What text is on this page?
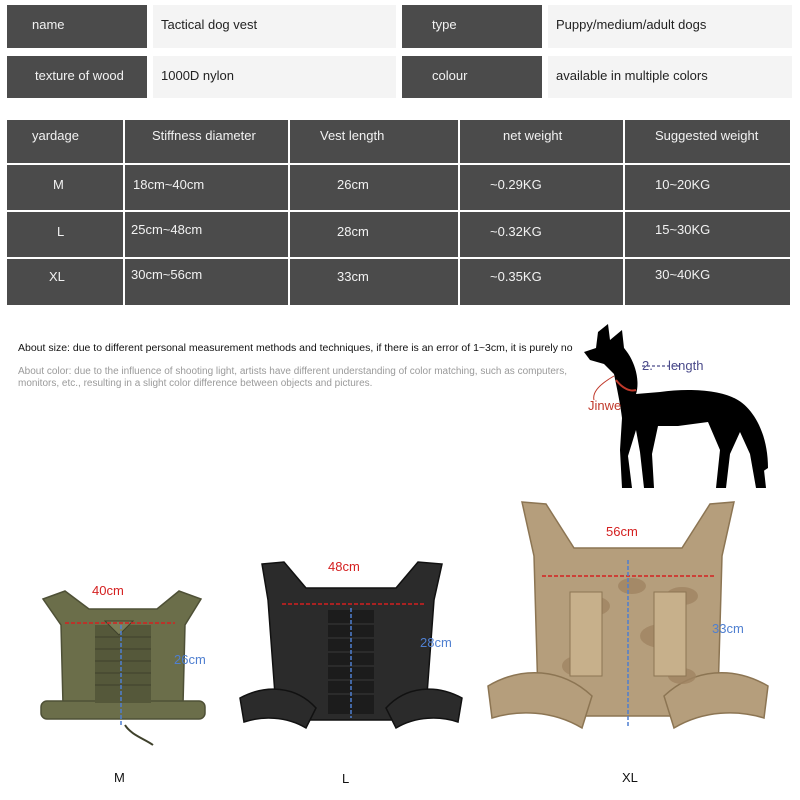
name	Tactical dog vest	type	Puppy/medium/adult dogs
texture of wood	1000D nylon	colour	available in multiple colors
yardage	Stiffness diameter	Vest length	net weight	Suggested weight
M	18cm~40cm	26cm	~0.29KG	10~20KG
L	25cm~48cm	28cm	~0.32KG	15~30KG
XL	30cm~56cm	33cm	~0.35KG	30~40KG
About size: due to different personal measurement methods and techniques, if there is an error of 1~3cm, it is purely no
About color: due to the influence of shooting light, artists have different understanding of color matching, such as computers, monitors, etc., resulting in a slight color difference between objects and pictures.
2. length
Jinwe
40cm
26cm
M
48cm
28cm
L
56cm
33cm
XL
